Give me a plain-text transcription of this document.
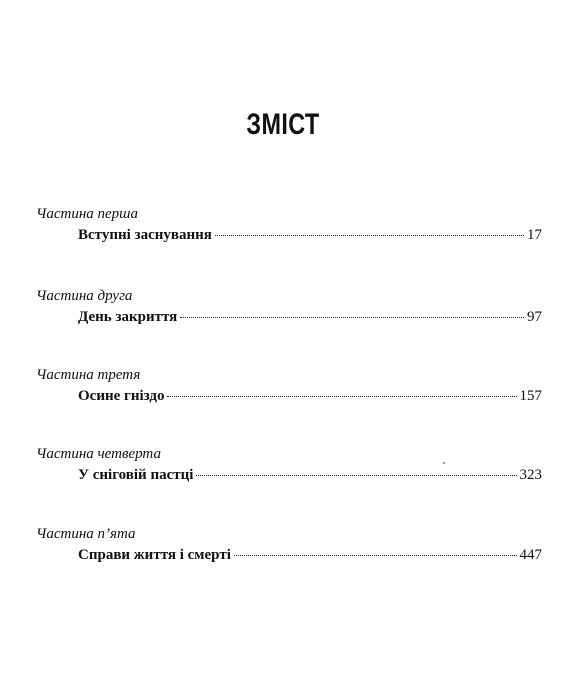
ЗМІСТ
Частина перша
Вступні заснування	17
Частина друга
День закриття	97
Частина третя
Осине гніздо	157
Частина четверта
У сніговій пастці	323
Частина п’ята
Справи життя і смерті	447
